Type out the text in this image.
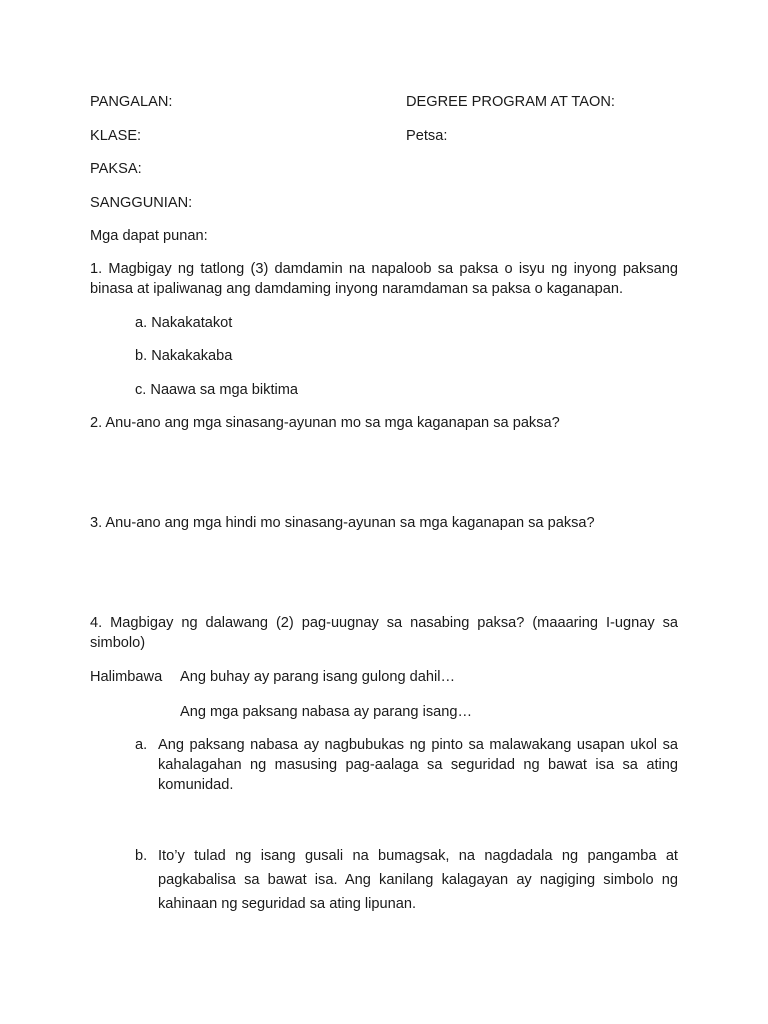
PANGALAN:	DEGREE PROGRAM AT TAON:
KLASE:	Petsa:
PAKSA:
SANGGUNIAN:
Mga dapat punan:
1. Magbigay ng tatlong (3) damdamin na napaloob sa paksa o isyu ng inyong paksang binasa at ipaliwanag ang damdaming inyong naramdaman sa paksa o kaganapan.
a. Nakakatakot
b. Nakakakaba
c. Naawa sa mga biktima
2. Anu-ano ang mga sinasang-ayunan mo sa mga kaganapan sa paksa?
3. Anu-ano ang mga hindi mo sinasang-ayunan sa mga kaganapan sa paksa?
4. Magbigay ng dalawang (2) pag-uugnay sa nasabing paksa? (maaaring I-ugnay sa simbolo)
Halimbawa Ang buhay ay parang isang gulong dahil…
Ang mga paksang nabasa ay parang isang…
a. Ang paksang nabasa ay nagbubukas ng pinto sa malawakang usapan ukol sa kahalagahan ng masusing pag-aalaga sa seguridad ng bawat isa sa ating komunidad.
b. Ito’y tulad ng isang gusali na bumagsak, na nagdadala ng pangamba at pagkabalisa sa bawat isa. Ang kanilang kalagayan ay nagiging simbolo ng kahinaan ng seguridad sa ating lipunan.
